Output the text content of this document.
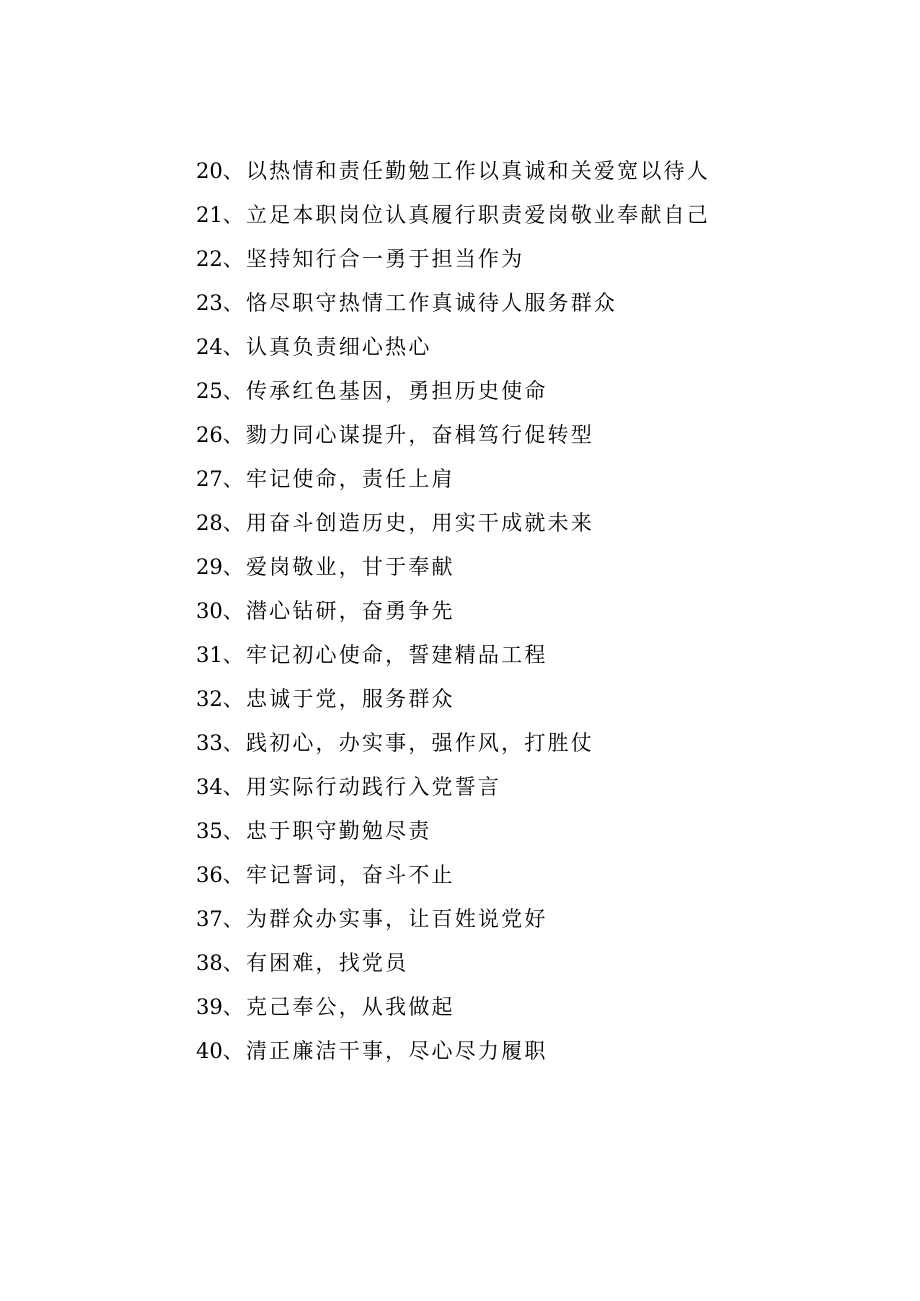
20、以热情和责任勤勉工作以真诚和关爱宽以待人
21、立足本职岗位认真履行职责爱岗敬业奉献自己
22、坚持知行合一勇于担当作为
23、恪尽职守热情工作真诚待人服务群众
24、认真负责细心热心
25、传承红色基因，勇担历史使命
26、勠力同心谋提升，奋楫笃行促转型
27、牢记使命，责任上肩
28、用奋斗创造历史，用实干成就未来
29、爱岗敬业，甘于奉献
30、潜心钻研，奋勇争先
31、牢记初心使命，誓建精品工程
32、忠诚于党，服务群众
33、践初心，办实事，强作风，打胜仗
34、用实际行动践行入党誓言
35、忠于职守勤勉尽责
36、牢记誓词，奋斗不止
37、为群众办实事，让百姓说党好
38、有困难，找党员
39、克己奉公，从我做起
40、清正廉洁干事，尽心尽力履职
